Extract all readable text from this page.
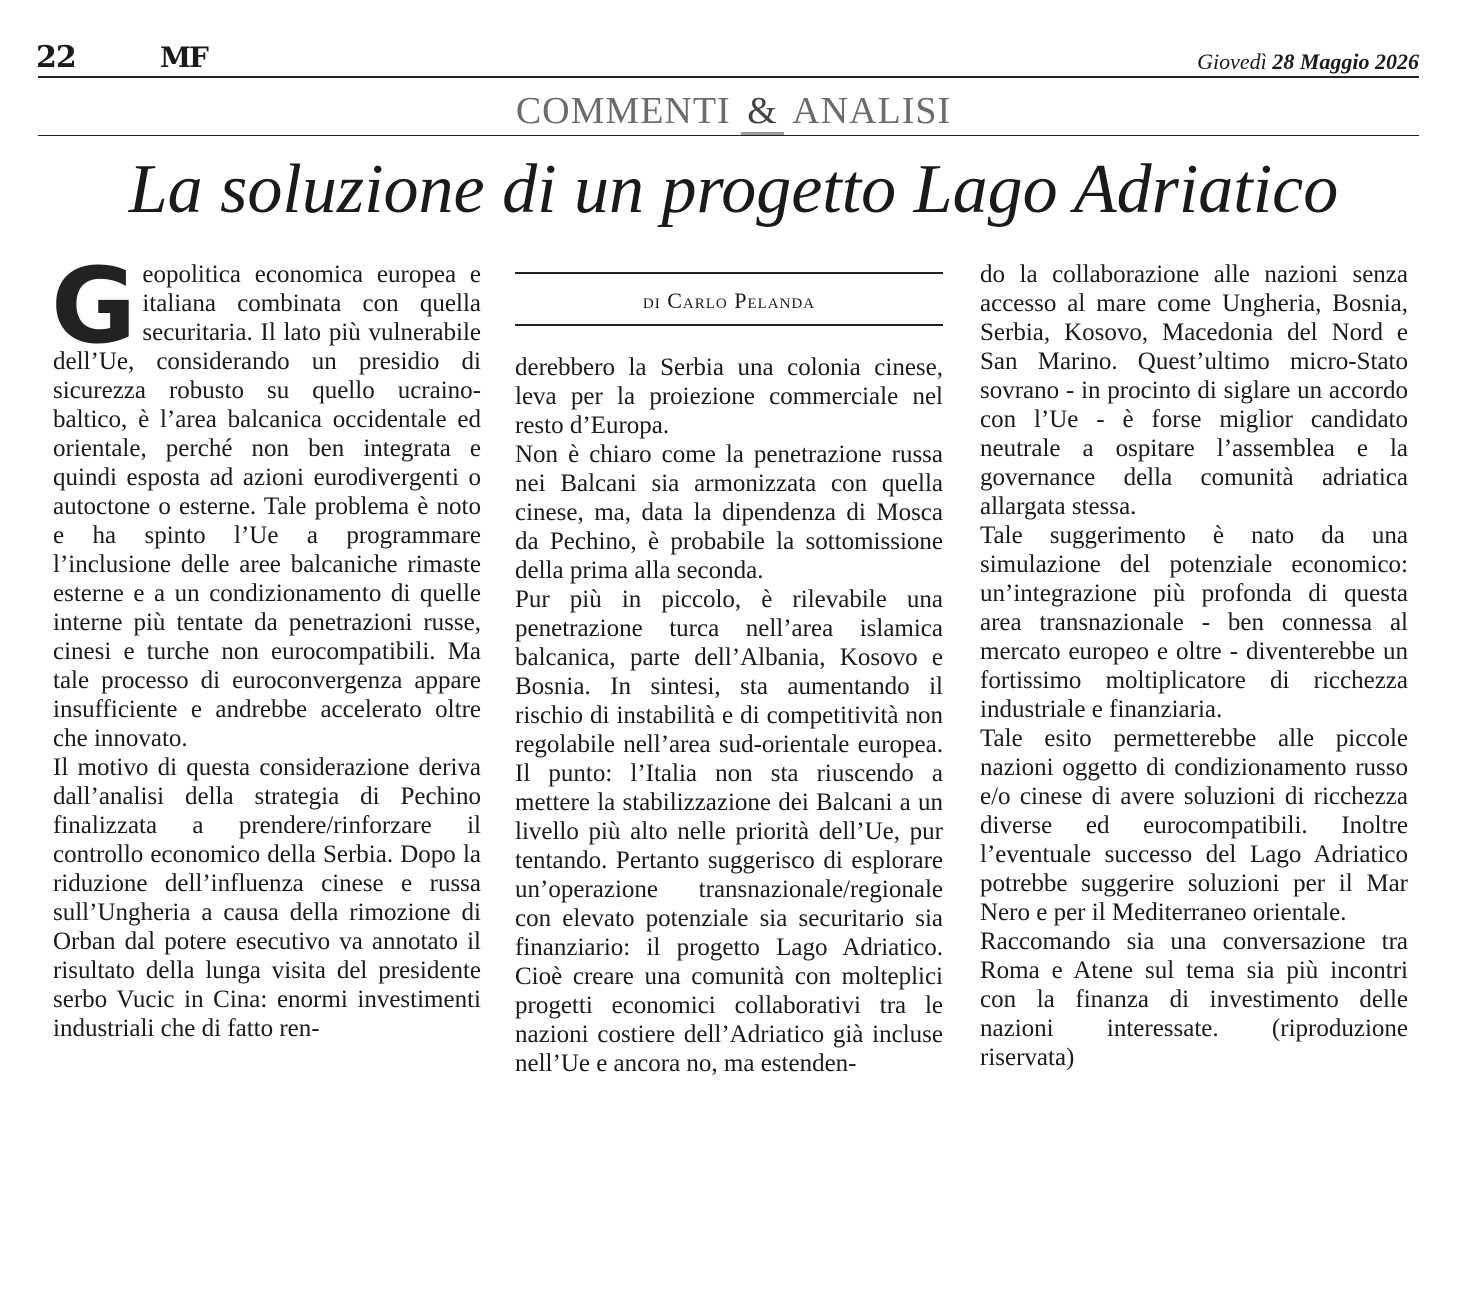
22	MF	Giovedì 28 Maggio 2026
COMMENTI & ANALISI
La soluzione di un progetto Lago Adriatico
G eopolitica economica europea e italiana combinata con quella securitaria. Il lato più vulnerabile dell’Ue, considerando un presidio di sicurezza robusto su quello ucraino-baltico, è l’area balcanica occidentale ed orientale, perché non ben integrata e quindi esposta ad azioni eurodivergenti o autoctone o esterne. Tale problema è noto e ha spinto l’Ue a programmare l’inclusione delle aree balcaniche rimaste esterne e a un condizionamento di quelle interne più tentate da penetrazioni russe, cinesi e turche non eurocompatibili. Ma tale processo di euroconvergenza appare insufficiente e andrebbe accelerato oltre che innovato.

Il motivo di questa considerazione deriva dall’analisi della strategia di Pechino finalizzata a prendere/rinforzare il controllo economico della Serbia. Dopo la riduzione dell’influenza cinese e russa sull’Ungheria a causa della rimozione di Orban dal potere esecutivo va annotato il risultato della lunga visita del presidente serbo Vucic in Cina: enormi investimenti industriali che di fatto ren-

di Carlo Pelanda

derebbero la Serbia una colonia cinese, leva per la proiezione commerciale nel resto d’Europa.

Non è chiaro come la penetrazione russa nei Balcani sia armonizzata con quella cinese, ma, data la dipendenza di Mosca da Pechino, è probabile la sottomissione della prima alla seconda.

Pur più in piccolo, è rilevabile una penetrazione turca nell’area islamica balcanica, parte dell’Albania, Kosovo e Bosnia. In sintesi, sta aumentando il rischio di instabilità e di competitività non regolabile nell’area sud-orientale europea. Il punto: l’Italia non sta riuscendo a mettere la stabilizzazione dei Balcani a un livello più alto nelle priorità dell’Ue, pur tentando. Pertanto suggerisco di esplorare un’operazione transnazionale/regionale con elevato potenziale sia securitario sia finanziario: il progetto Lago Adriatico. Cioè creare una comunità con molteplici progetti economici collaborativi tra le nazioni costiere dell’Adriatico già incluse nell’Ue e ancora no, ma estenden-

do la collaborazione alle nazioni senza accesso al mare come Ungheria, Bosnia, Serbia, Kosovo, Macedonia del Nord e San Marino. Quest’ultimo micro-Stato sovrano - in procinto di siglare un accordo con l’Ue - è forse miglior candidato neutrale a ospitare l’assemblea e la governance della comunità adriatica allargata stessa.

Tale suggerimento è nato da una simulazione del potenziale economico: un’integrazione più profonda di questa area transnazionale - ben connessa al mercato europeo e oltre - diventerebbe un fortissimo moltiplicatore di ricchezza industriale e finanziaria.

Tale esito permetterebbe alle piccole nazioni oggetto di condizionamento russo e/o cinese di avere soluzioni di ricchezza diverse ed eurocompatibili. Inoltre l’eventuale successo del Lago Adriatico potrebbe suggerire soluzioni per il Mar Nero e per il Mediterraneo orientale.

Raccomando sia una conversazione tra Roma e Atene sul tema sia più incontri con la finanza di investimento delle nazioni interessate. (riproduzione riservata)
